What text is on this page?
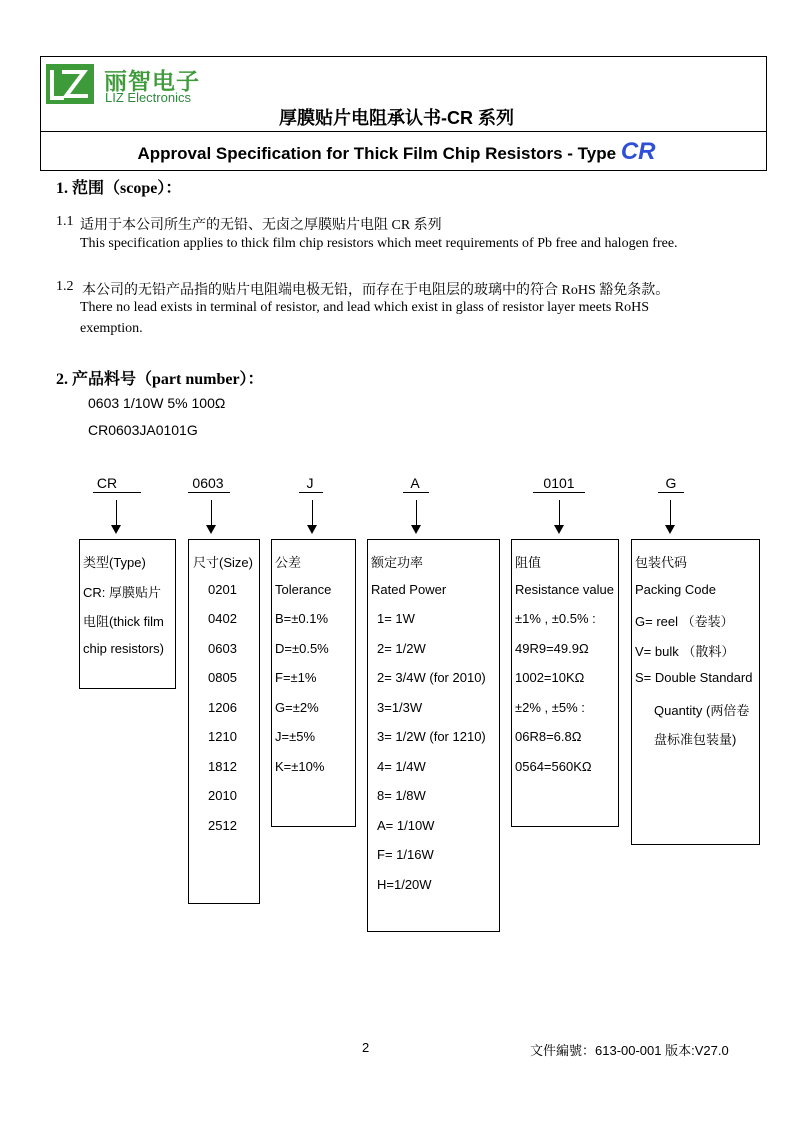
丽智电子
LIZ Electronics
厚膜贴片电阻承认书-CR 系列
Approval Specification for Thick Film Chip Resistors - Type CR
1. 范围（scope）：
1.1 适用于本公司所生产的无铅、无卤之厚膜贴片电阻 CR 系列
This specification applies to thick film chip resistors which meet requirements of Pb free and halogen free.
1.2 本公司的无铅产品指的贴片电阻端电极无铅，而存在于电阻层的玻璃中的符合 RoHS 豁免条款。
There no lead exists in terminal of resistor, and lead which exist in glass of resistor layer meets RoHS
exemption.
2. 产品料号（part number）：
0603 1/10W 5% 100Ω
CR0603JA0101G
CR	0603	J	A	0101	G
类型(Type)
CR: 厚膜贴片
电阻(thick film
chip resistors)
尺寸(Size)
0201
0402
0603
0805
1206
1210
1812
2010
2512
公差
Tolerance
B=±0.1%
D=±0.5%
F=±1%
G=±2%
J=±5%
K=±10%
额定功率
Rated Power
1= 1W
2= 1/2W
2= 3/4W (for 2010)
3=1/3W
3= 1/2W (for 1210)
4= 1/4W
8= 1/8W
A= 1/10W
F= 1/16W
H=1/20W
阻值
Resistance value
±1% , ±0.5% :
49R9=49.9Ω
1002=10KΩ
±2% , ±5% :
06R8=6.8Ω
0564=560KΩ
包装代码
Packing Code
G= reel （卷装）
V= bulk （散料）
S= Double Standard
Quantity (两倍卷
盘标准包装量)
2	文件編號：613-00-001 版本:V27.0
